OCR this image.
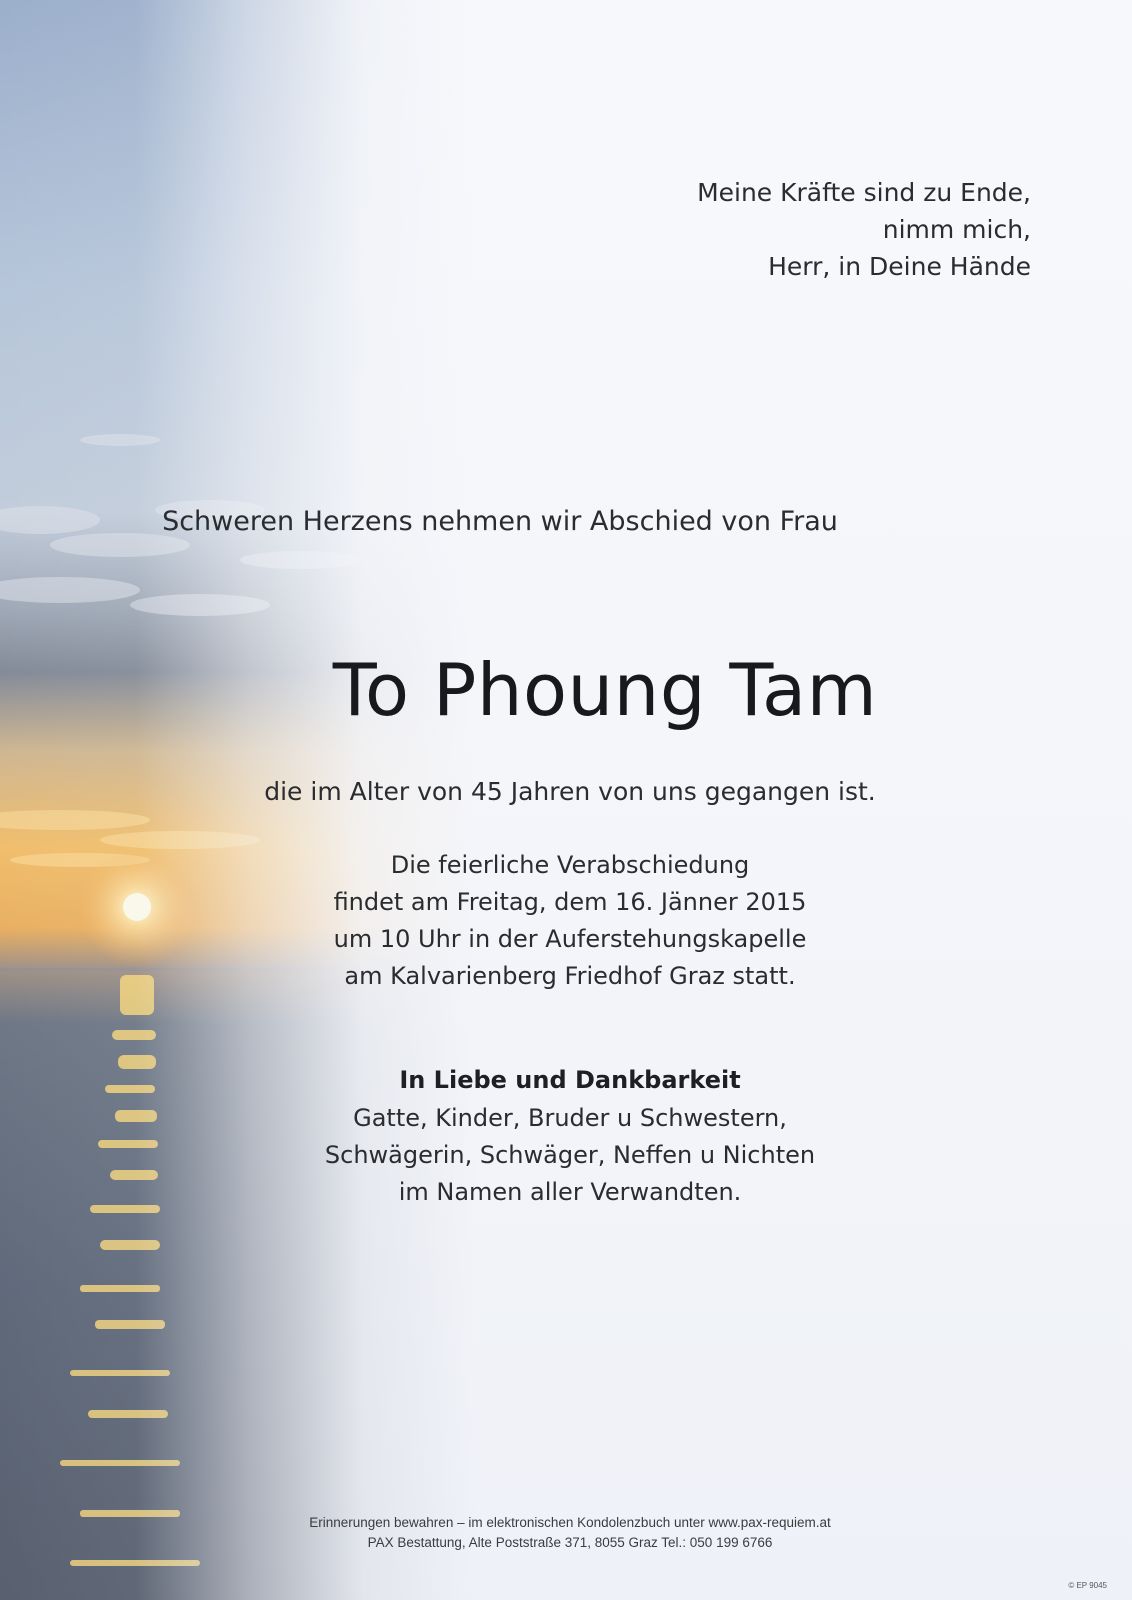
Meine Kräfte sind zu Ende,
nimm mich,
Herr, in Deine Hände

Schweren Herzens nehmen wir Abschied von Frau

To Phoung Tam

die im Alter von 45 Jahren von uns gegangen ist.

Die feierliche Verabschiedung
findet am Freitag, dem 16. Jänner 2015
um 10 Uhr in der Auferstehungskapelle
am Kalvarienberg Friedhof Graz statt.
In Liebe und Dankbarkeit
Gatte, Kinder, Bruder u Schwestern,
Schwägerin, Schwäger, Neffen u Nichten
im Namen aller Verwandten.
Erinnerungen bewahren – im elektronischen Kondolenzbuch unter www.pax-requiem.at
PAX Bestattung, Alte Poststraße 371, 8055 Graz Tel.: 050 199 6766
© EP 9045
